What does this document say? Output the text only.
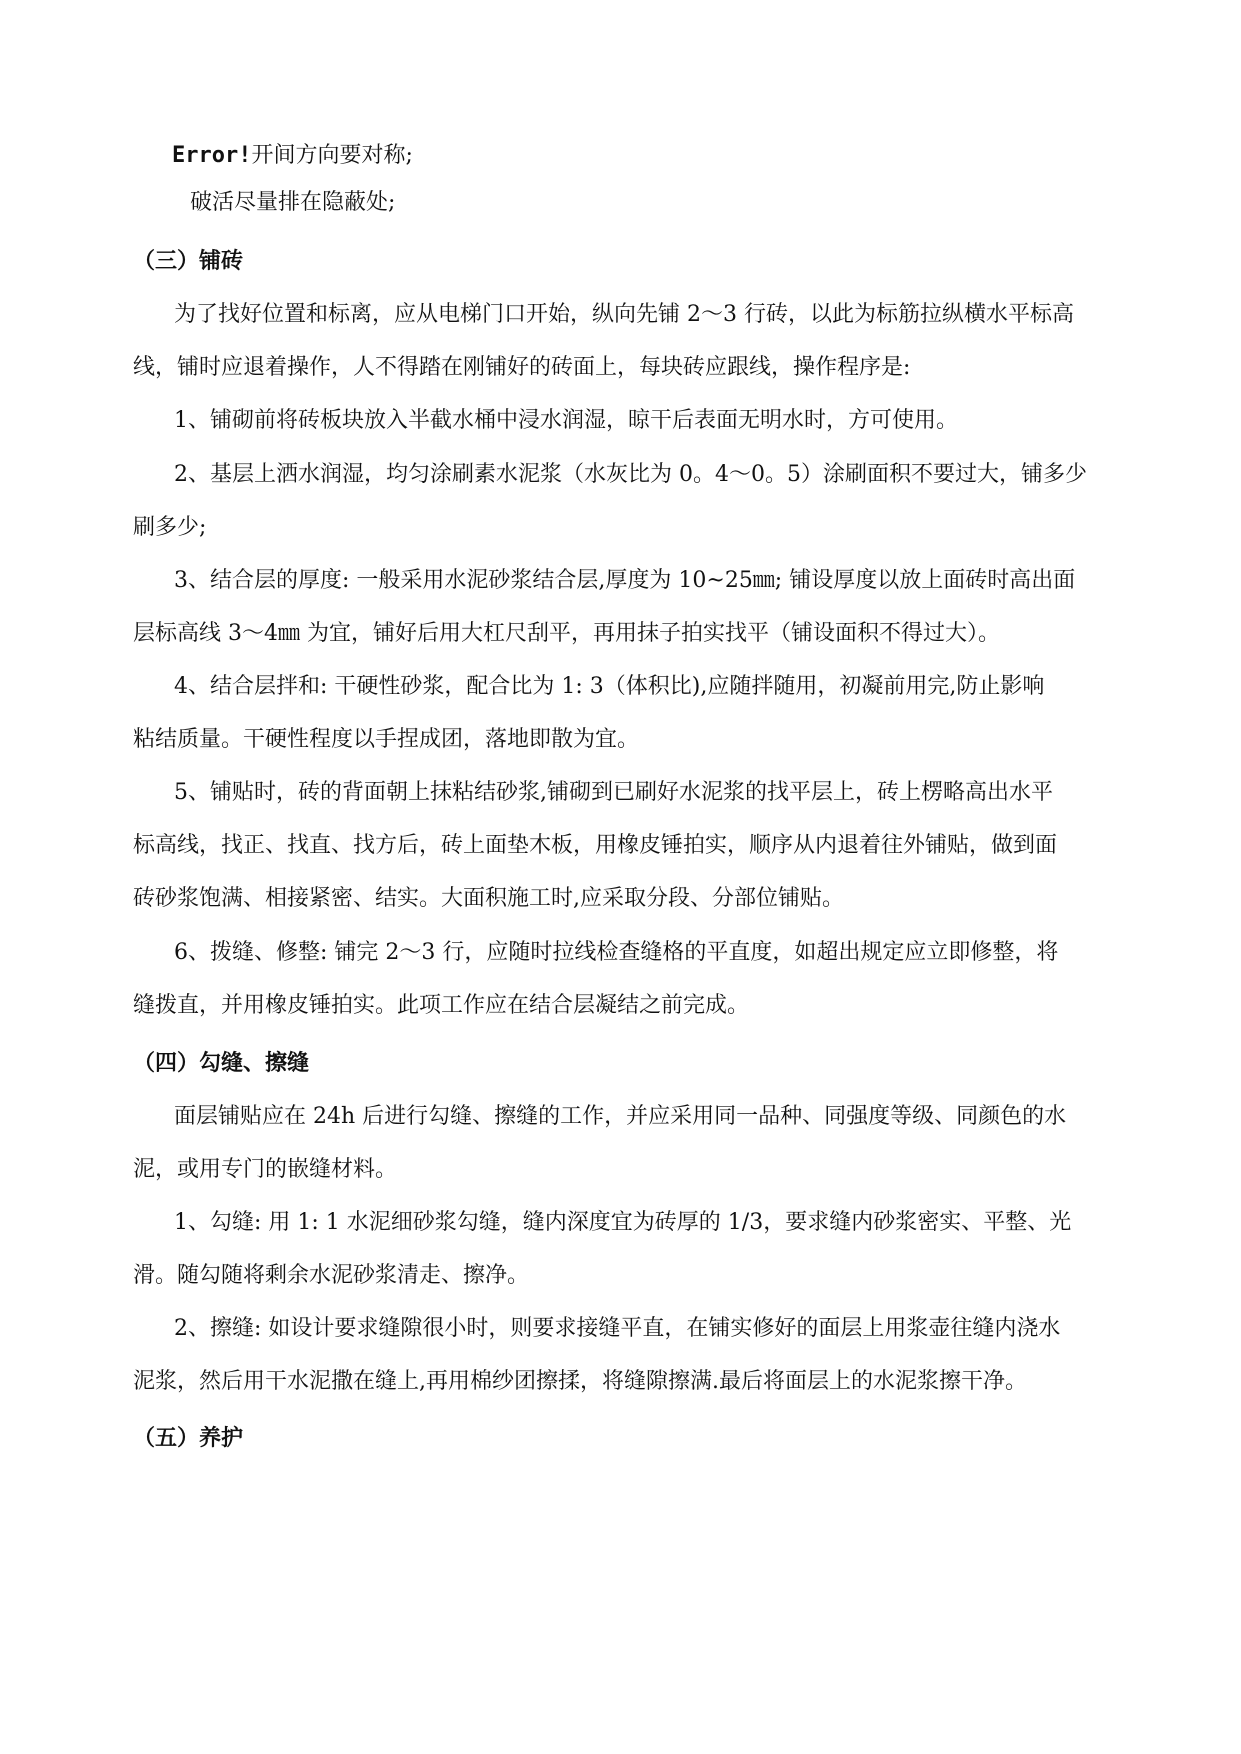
Error!开间方向要对称;
破活尽量排在隐蔽处;
（三）铺砖
为了找好位置和标离，应从电梯门口开始，纵向先铺 2～3 行砖，以此为标筋拉纵横水平标高
线，铺时应退着操作，人不得踏在刚铺好的砖面上，每块砖应跟线，操作程序是:
1、铺砌前将砖板块放入半截水桶中浸水润湿，晾干后表面无明水时，方可使用。
2、基层上洒水润湿，均匀涂刷素水泥浆（水灰比为 0。4～0。5）涂刷面积不要过大，铺多少
刷多少;
3、结合层的厚度: 一般采用水泥砂浆结合层,厚度为 10~25㎜; 铺设厚度以放上面砖时高出面
层标高线 3～4㎜ 为宜，铺好后用大杠尺刮平，再用抹子拍实找平（铺设面积不得过大）。
4、结合层拌和: 干硬性砂浆，配合比为 1: 3（体积比),应随拌随用，初凝前用完,防止影响
粘结质量。干硬性程度以手捏成团，落地即散为宜。
5、铺贴时，砖的背面朝上抹粘结砂浆,铺砌到已刷好水泥浆的找平层上，砖上楞略高出水平
标高线，找正、找直、找方后，砖上面垫木板，用橡皮锤拍实，顺序从内退着往外铺贴，做到面
砖砂浆饱满、相接紧密、结实。大面积施工时,应采取分段、分部位铺贴。
6、拨缝、修整: 铺完 2～3 行，应随时拉线检查缝格的平直度，如超出规定应立即修整，将
缝拨直，并用橡皮锤拍实。此项工作应在结合层凝结之前完成。
（四）勾缝、擦缝
面层铺贴应在 24h 后进行勾缝、擦缝的工作，并应采用同一品种、同强度等级、同颜色的水
泥，或用专门的嵌缝材料。
1、勾缝: 用 1: 1 水泥细砂浆勾缝，缝内深度宜为砖厚的 1/3，要求缝内砂浆密实、平整、光
滑。随勾随将剩余水泥砂浆清走、擦净。
2、擦缝: 如设计要求缝隙很小时，则要求接缝平直，在铺实修好的面层上用浆壶往缝内浇水
泥浆，然后用干水泥撒在缝上,再用棉纱团擦揉，将缝隙擦满.最后将面层上的水泥浆擦干净。
（五）养护
